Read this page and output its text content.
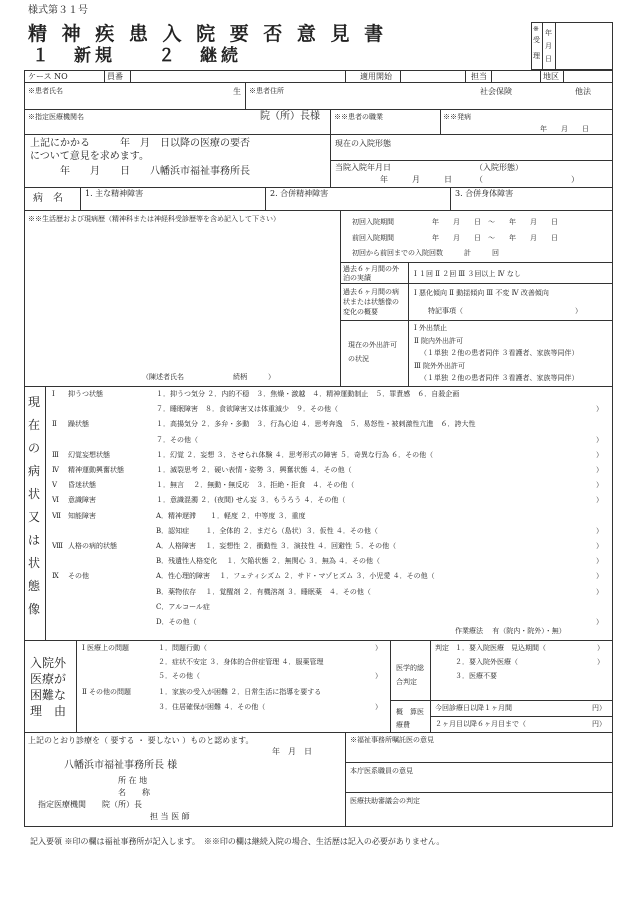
様式第３１号
精 神 疾 患 入 院 要 否 意 見 書
１　新規　　２　継続
※
受
理
年
月
日
ケース NO	員番	適用開始	担当	地区
※患者氏名	生 ※患者住所	社会保険	他法
※指定医療機関名	院（所）長様 ※※患者の職業	※※発病
年　　月　　日
上記にかかる　　　年　月　日以降の医療の要否
について意見を求めます。
年　　月　　日　　八幡浜市福祉事務所長
現在の入院形態
当院入院年月日	（入院形態）
年　　　月　　　日	（　　　　　　　　　　　）
病　名	1. 主な精神障害	2. 合併精神障害	3. 合併身体障害
※※生活歴および現病歴（精神科または神経科受診歴等を含め記入して下さい）
（陳述者氏名　　　　　　　続柄　　　）
初回入院期間	年　　月　　日　〜　　年　　月　　日
前回入院期間	年　　月　　日　〜　　年　　月　　日
初回から前回までの入院回数　　　計　　　回
過去６ヶ月間の外泊の実績	Ⅰ １回 Ⅱ ２回 Ⅲ ３回以上 Ⅳ なし
過去６ヶ月間の病状または状態像の変化の概要
Ⅰ 悪化傾向 Ⅱ 動揺傾向 Ⅲ 不変 Ⅳ 改善傾向
特記事項（　　　　　　　　　　　　　　　　）
現在の外出許可の状況
Ⅰ 外出禁止
Ⅱ 院内外出許可
（１単独 ２他の患者同伴 ３看護者、家族等同伴）
Ⅲ 院外外出許可
（１単独 ２他の患者同伴 ３看護者、家族等同伴）
現
在
の
病
状
又
は
状
態
像
Ⅰ 抑うつ状態	１．抑うつ気分 ２．内的不穏　３．焦燥・激越　４．精神運動制止　５．罪責感　６．自殺企画
７．睡眠障害　８．食欲障害又は体重減少　９．その他（	）
Ⅱ 躁状態	１．高揚気分 ２．多弁・多動　３．行為心迫 ４．思考奔逸　５．易怒性・被刺激性亢進　６．誇大性
７．その他（	）
Ⅲ 幻覚妄想状態	１．幻覚 ２．妄想 ３．させられ体験 ４．思考形式の障害 ５．奇異な行為 ６．その他（	）
Ⅳ 精神運動興奮状態	１．滅裂思考 ２．硬い表情・姿勢 ３．興奮状態 ４．その他（	）
Ⅴ 昏迷状態	１．無言　 ２．無動・無反応　３．拒絶・拒食　４．その他（	）
Ⅵ 意識障害	１．意識混濁 ２．(夜間) せん妄 ３．もうろう ４．その他（	）
Ⅶ 知能障害	A．精神遅滞　　１．軽度 ２．中等度 ３．重度
B．認知症　　 １．全体的 ２．まだら（島状）３．仮性 ４．その他（	）
Ⅷ 人格の病的状態	A．人格障害　 １．妄想性 ２．衝動性 ３．演技性 ４．回避性 ５．その他（	）
B．残遺性人格変化　 １．欠陥状態 ２．無関心 ３．無為 ４．その他（	）
Ⅸ その他	A．性心理的障害　 １．フェティシズム ２．サド・マゾヒズム ３．小児愛 ４．その他（	）
B．薬物依存　 １．覚醒剤 ２．有機溶剤 ３．睡眠薬　４．その他（	）
C．アルコール症
D．その他（	）
作業療法　 有（院内・院外）・無）
入院外
医療が
困難な
理　由
Ⅰ 医療上の問題	１．問題行動（	）
２．症状不安定 ３．身体的合併症管理 ４．服薬管理
５．その他（	）
Ⅱ その他の問題	１．家族の受入が困難 ２．日常生活に指導を要する
３．住居確保が困難 ４．その他（	）
医学的総合判定
判定 １．要入院医療　見込期間（	）
２．要入院外医療（	）
３．医療不要
概　算医療費
今回診療日以降１ヶ月間	円）
２ヶ月目以降６ヶ月目まで（	円）
上記のとおり診療を（ 要する ・ 要しない ）ものと認めます。
年　月　日
八幡浜市福祉事務所長 様
所 在 地
名　　称
指定医療機関　　院（所）長
担 当 医 師
※福祉事務所嘱託医の意見
本庁医系職員の意見
医療扶助審議会の判定
記入要領 ※印の欄は福祉事務所が記入します。　※※印の欄は継続入院の場合、生活歴は記入の必要がありません。
